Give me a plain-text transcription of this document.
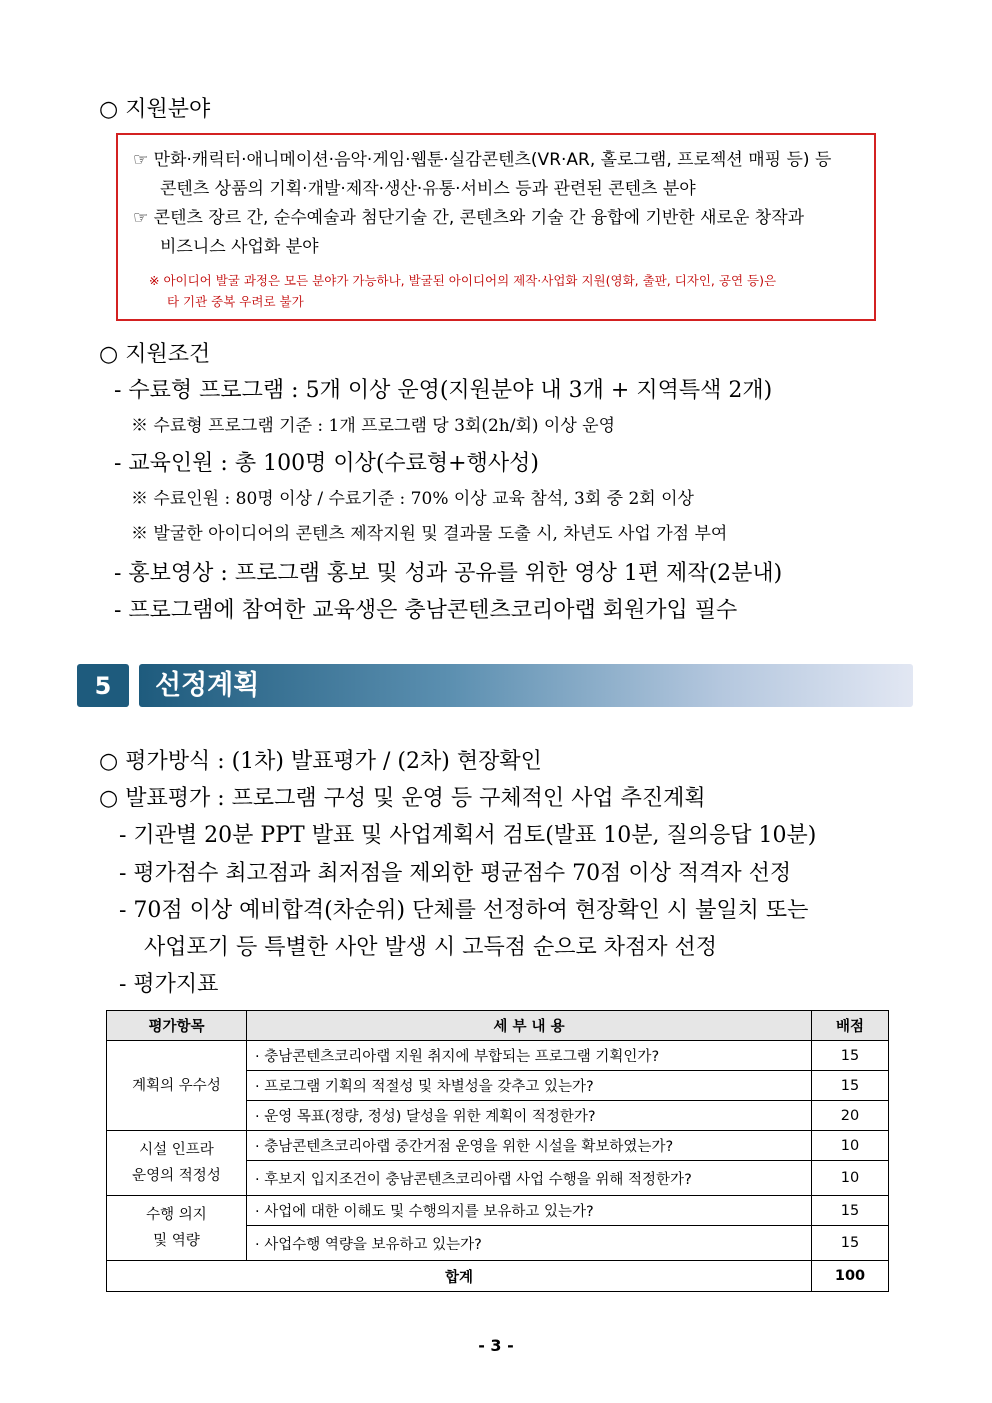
○ 지원분야
☞ 만화·캐릭터·애니메이션·음악·게임·웹툰·실감콘텐츠(VR·AR, 홀로그램, 프로젝션 매핑 등) 등
콘텐츠 상품의 기획·개발·제작·생산·유통·서비스 등과 관련된 콘텐츠 분야
☞ 콘텐츠 장르 간, 순수예술과 첨단기술 간, 콘텐츠와 기술 간 융합에 기반한 새로운 창작과
비즈니스 사업화 분야
※ 아이디어 발굴 과정은 모든 분야가 가능하나, 발굴된 아이디어의 제작·사업화 지원(영화, 출판, 디자인, 공연 등)은
타 기관 중복 우려로 불가
○ 지원조건
- 수료형 프로그램 : 5개 이상 운영(지원분야 내 3개 + 지역특색 2개)
※ 수료형 프로그램 기준 : 1개 프로그램 당 3회(2h/회) 이상 운영
- 교육인원 : 총 100명 이상(수료형+행사성)
※ 수료인원 : 80명 이상 / 수료기준 : 70% 이상 교육 참석, 3회 중 2회 이상
※ 발굴한 아이디어의 콘텐츠 제작지원 및 결과물 도출 시, 차년도 사업 가점 부여
- 홍보영상 : 프로그램 홍보 및 성과 공유를 위한 영상 1편 제작(2분내)
- 프로그램에 참여한 교육생은 충남콘텐츠코리아랩 회원가입 필수
5	선정계획
○ 평가방식 : (1차) 발표평가 / (2차) 현장확인
○ 발표평가 : 프로그램 구성 및 운영 등 구체적인 사업 추진계획
- 기관별 20분 PPT 발표 및 사업계획서 검토(발표 10분, 질의응답 10분)
- 평가점수 최고점과 최저점을 제외한 평균점수 70점 이상 적격자 선정
- 70점 이상 예비합격(차순위) 단체를 선정하여 현장확인 시 불일치 또는
사업포기 등 특별한 사안 발생 시 고득점 순으로 차점자 선정
- 평가지표
평가항목	세 부 내 용	배점
계획의 우수성	· 충남콘텐츠코리아랩 지원 취지에 부합되는 프로그램 기획인가?	15
	· 프로그램 기획의 적절성 및 차별성을 갖추고 있는가?	15
	· 운영 목표(정량, 정성) 달성을 위한 계획이 적정한가?	20
시설 인프라
운영의 적정성	· 충남콘텐츠코리아랩 중간거점 운영을 위한 시설을 확보하였는가?	10
	· 후보지 입지조건이 충남콘텐츠코리아랩 사업 수행을 위해 적정한가?	10
수행 의지
및 역량	· 사업에 대한 이해도 및 수행의지를 보유하고 있는가?	15
	· 사업수행 역량을 보유하고 있는가?	15
합계		100
- 3 -
